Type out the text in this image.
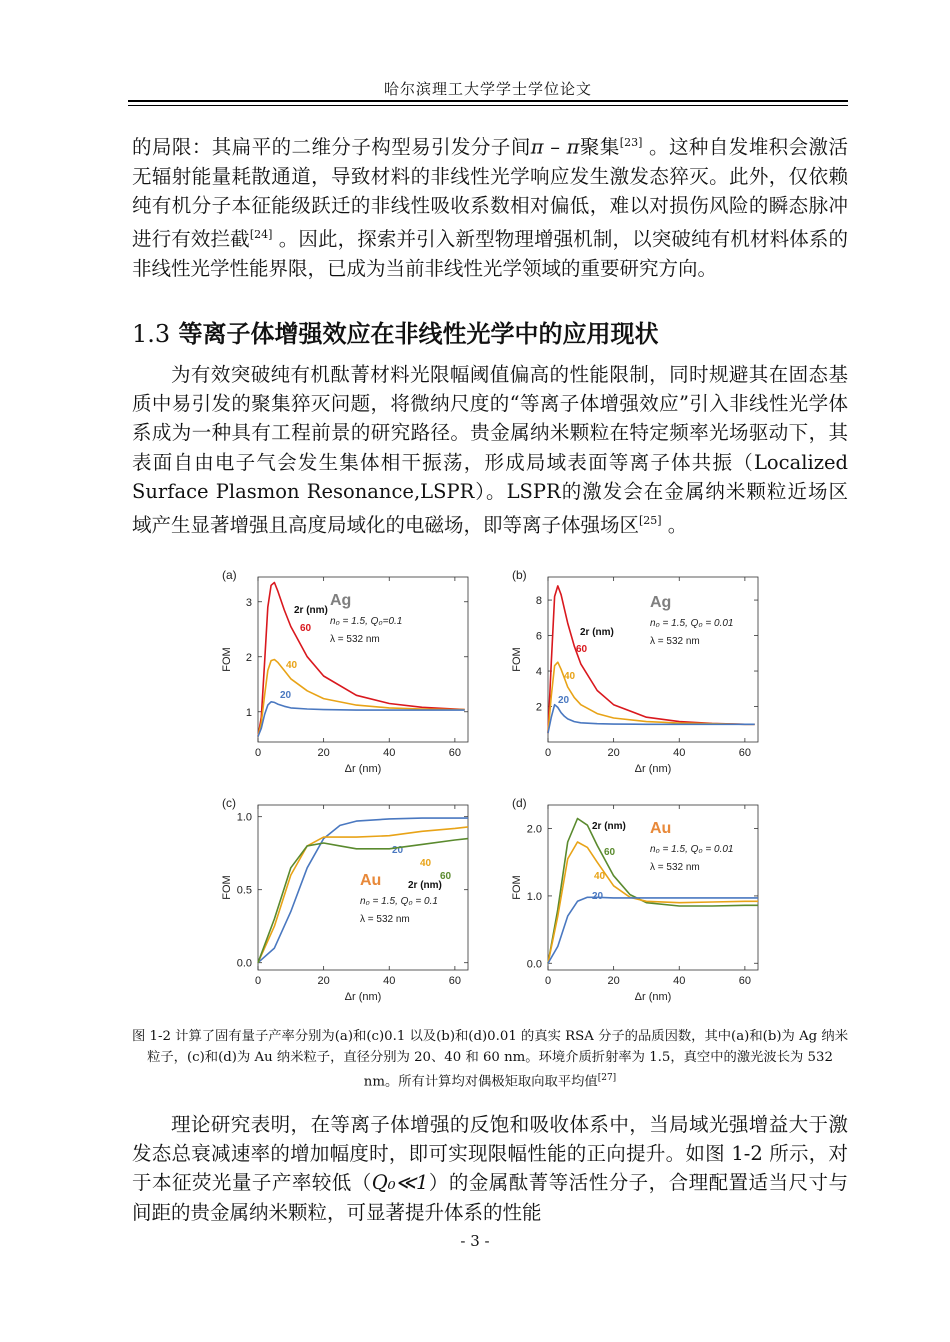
哈尔滨理工大学学士学位论文
的局限：其扁平的二维分子构型易引发分子间π – π聚集[23] 。这种自发堆积会激活无辐射能量耗散通道，导致材料的非线性光学响应发生激发态猝灭。此外，仅依赖纯有机分子本征能级跃迁的非线性吸收系数相对偏低，难以对损伤风险的瞬态脉冲进行有效拦截[24] 。因此，探索并引入新型物理增强机制，以突破纯有机材料体系的非线性光学性能界限，已成为当前非线性光学领域的重要研究方向。
1.3 等离子体增强效应在非线性光学中的应用现状
为有效突破纯有机酞菁材料光限幅阈值偏高的性能限制，同时规避其在固态基质中易引发的聚集猝灭问题，将微纳尺度的“等离子体增强效应”引入非线性光学体系成为一种具有工程前景的研究路径。贵金属纳米颗粒在特定频率光场驱动下，其表面自由电子气会发生集体相干振荡，形成局域表面等离子体共振（Localized Surface Plasmon Resonance,LSPR）。LSPR的激发会在金属纳米颗粒近场区域产生显著增强且高度局域化的电磁场，即等离子体强场区[25] 。
(a)
0	20	40	60
1
2
3
Δr (nm)
FOM
60
40
20
2r (nm)
Ag
n₀ = 1.5, Q₀=0.1
λ = 532 nm
(b)
0	20	40	60
2
4
6
8
Δr (nm)
FOM	60
40
20
2r (nm)
Ag
n₀ = 1.5, Q₀ = 0.01
λ = 532 nm
(c)
0	20	40	60
0.0
0.5
1.0
Δr (nm)
FOM
20
40
60
2r (nm)
Au
n₀ = 1.5, Q₀ = 0.1
λ = 532 nm
(d)
0	20	40	60
0.0
1.0
2.0
Δr (nm)
FOM
60
40
20
2r (nm) Au
n₀ = 1.5, Q₀ = 0.01
λ = 532 nm
图 1-2 计算了固有量子产率分别为(a)和(c)0.1 以及(b)和(d)0.01 的真实 RSA 分子的品质因数，其中(a)和(b)为 Ag 纳米粒子，(c)和(d)为 Au 纳米粒子，直径分别为 20、40 和 60 nm。环境介质折射率为 1.5，真空中的激光波长为 532 nm。所有计算均对偶极矩取向取平均值[27]
理论研究表明，在等离子体增强的反饱和吸收体系中，当局域光强增益大于激发态总衰减速率的增加幅度时，即可实现限幅性能的正向提升。如图 1-2 所示，对于本征荧光量子产率较低（Q₀≪1）的金属酞菁等活性分子，合理配置适当尺寸与间距的贵金属纳米颗粒，可显著提升体系的性能
- 3 -
